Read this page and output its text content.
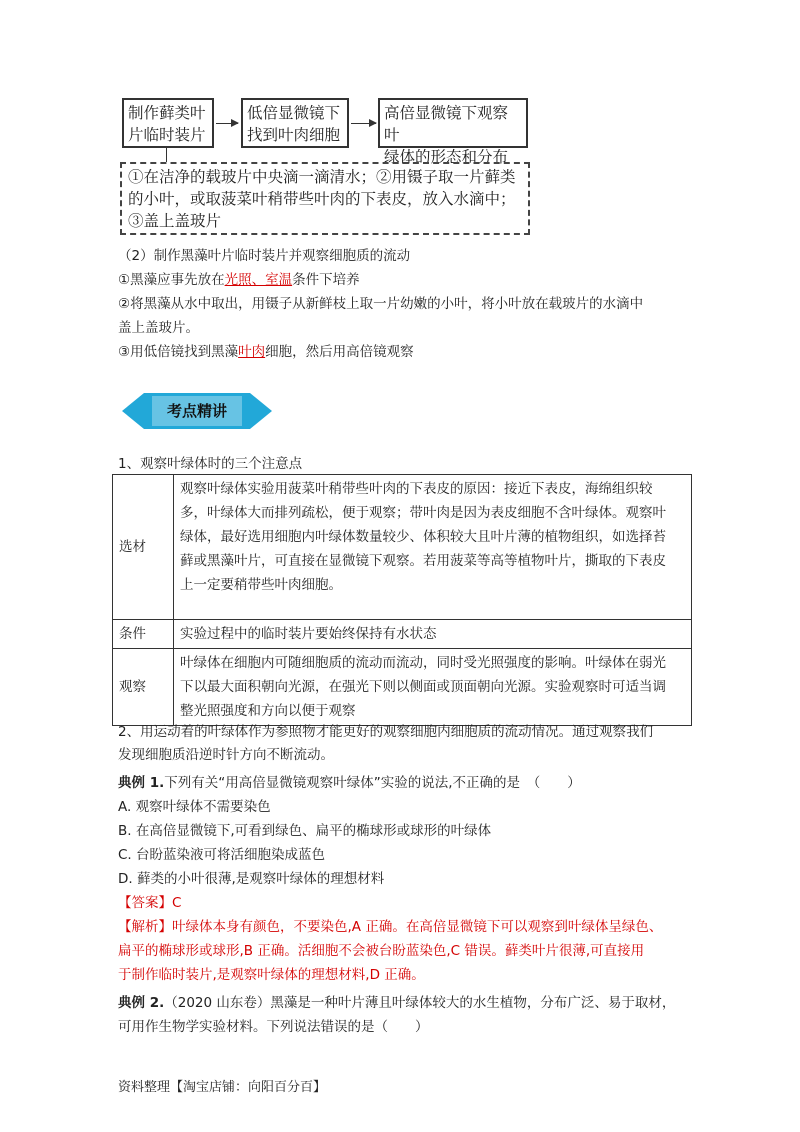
制作藓类叶
片临时装片
低倍显微镜下
找到叶肉细胞
高倍显微镜下观察叶
绿体的形态和分布
①在洁净的载玻片中央滴一滴清水；②用镊子取一片藓类
的小叶，或取菠菜叶稍带些叶肉的下表皮，放入水滴中；
③盖上盖玻片
（2）制作黑藻叶片临时装片并观察细胞质的流动
①黑藻应事先放在光照、室温条件下培养
②将黑藻从水中取出，用镊子从新鲜枝上取一片幼嫩的小叶，将小叶放在载玻片的水滴中
盖上盖玻片。
③用低倍镜找到黑藻叶肉细胞，然后用高倍镜观察
考点精讲
1、观察叶绿体时的三个注意点
选材	观察叶绿体实验用菠菜叶稍带些叶肉的下表皮的原因：接近下表皮，海绵组织较
多，叶绿体大而排列疏松，便于观察；带叶肉是因为表皮细胞不含叶绿体。观察叶
绿体，最好选用细胞内叶绿体数量较少、体积较大且叶片薄的植物组织，如选择苔
藓或黑藻叶片，可直接在显微镜下观察。若用菠菜等高等植物叶片，撕取的下表皮
上一定要稍带些叶肉细胞。

条件	实验过程中的临时装片要始终保持有水状态

观察	叶绿体在细胞内可随细胞质的流动而流动，同时受光照强度的影响。叶绿体在弱光
下以最大面积朝向光源，在强光下则以侧面或顶面朝向光源。实验观察时可适当调
整光照强度和方向以便于观察
2、用运动着的叶绿体作为参照物才能更好的观察细胞内细胞质的流动情况。通过观察我们
发现细胞质沿逆时针方向不断流动。
典例 1.下列有关“用高倍显微镜观察叶绿体”实验的说法,不正确的是　（　　）
A. 观察叶绿体不需要染色
B. 在高倍显微镜下,可看到绿色、扁平的椭球形或球形的叶绿体
C. 台盼蓝染液可将活细胞染成蓝色
D. 藓类的小叶很薄,是观察叶绿体的理想材料
【答案】C
【解析】叶绿体本身有颜色，不要染色,A 正确。在高倍显微镜下可以观察到叶绿体呈绿色、
扁平的椭球形或球形,B 正确。活细胞不会被台盼蓝染色,C 错误。藓类叶片很薄,可直接用
于制作临时装片,是观察叶绿体的理想材料,D 正确。
典例 2.（2020 山东卷）黑藻是一种叶片薄且叶绿体较大的水生植物，分布广泛、易于取材，
可用作生物学实验材料。下列说法错误的是（　　）
资料整理【淘宝店铺：向阳百分百】
